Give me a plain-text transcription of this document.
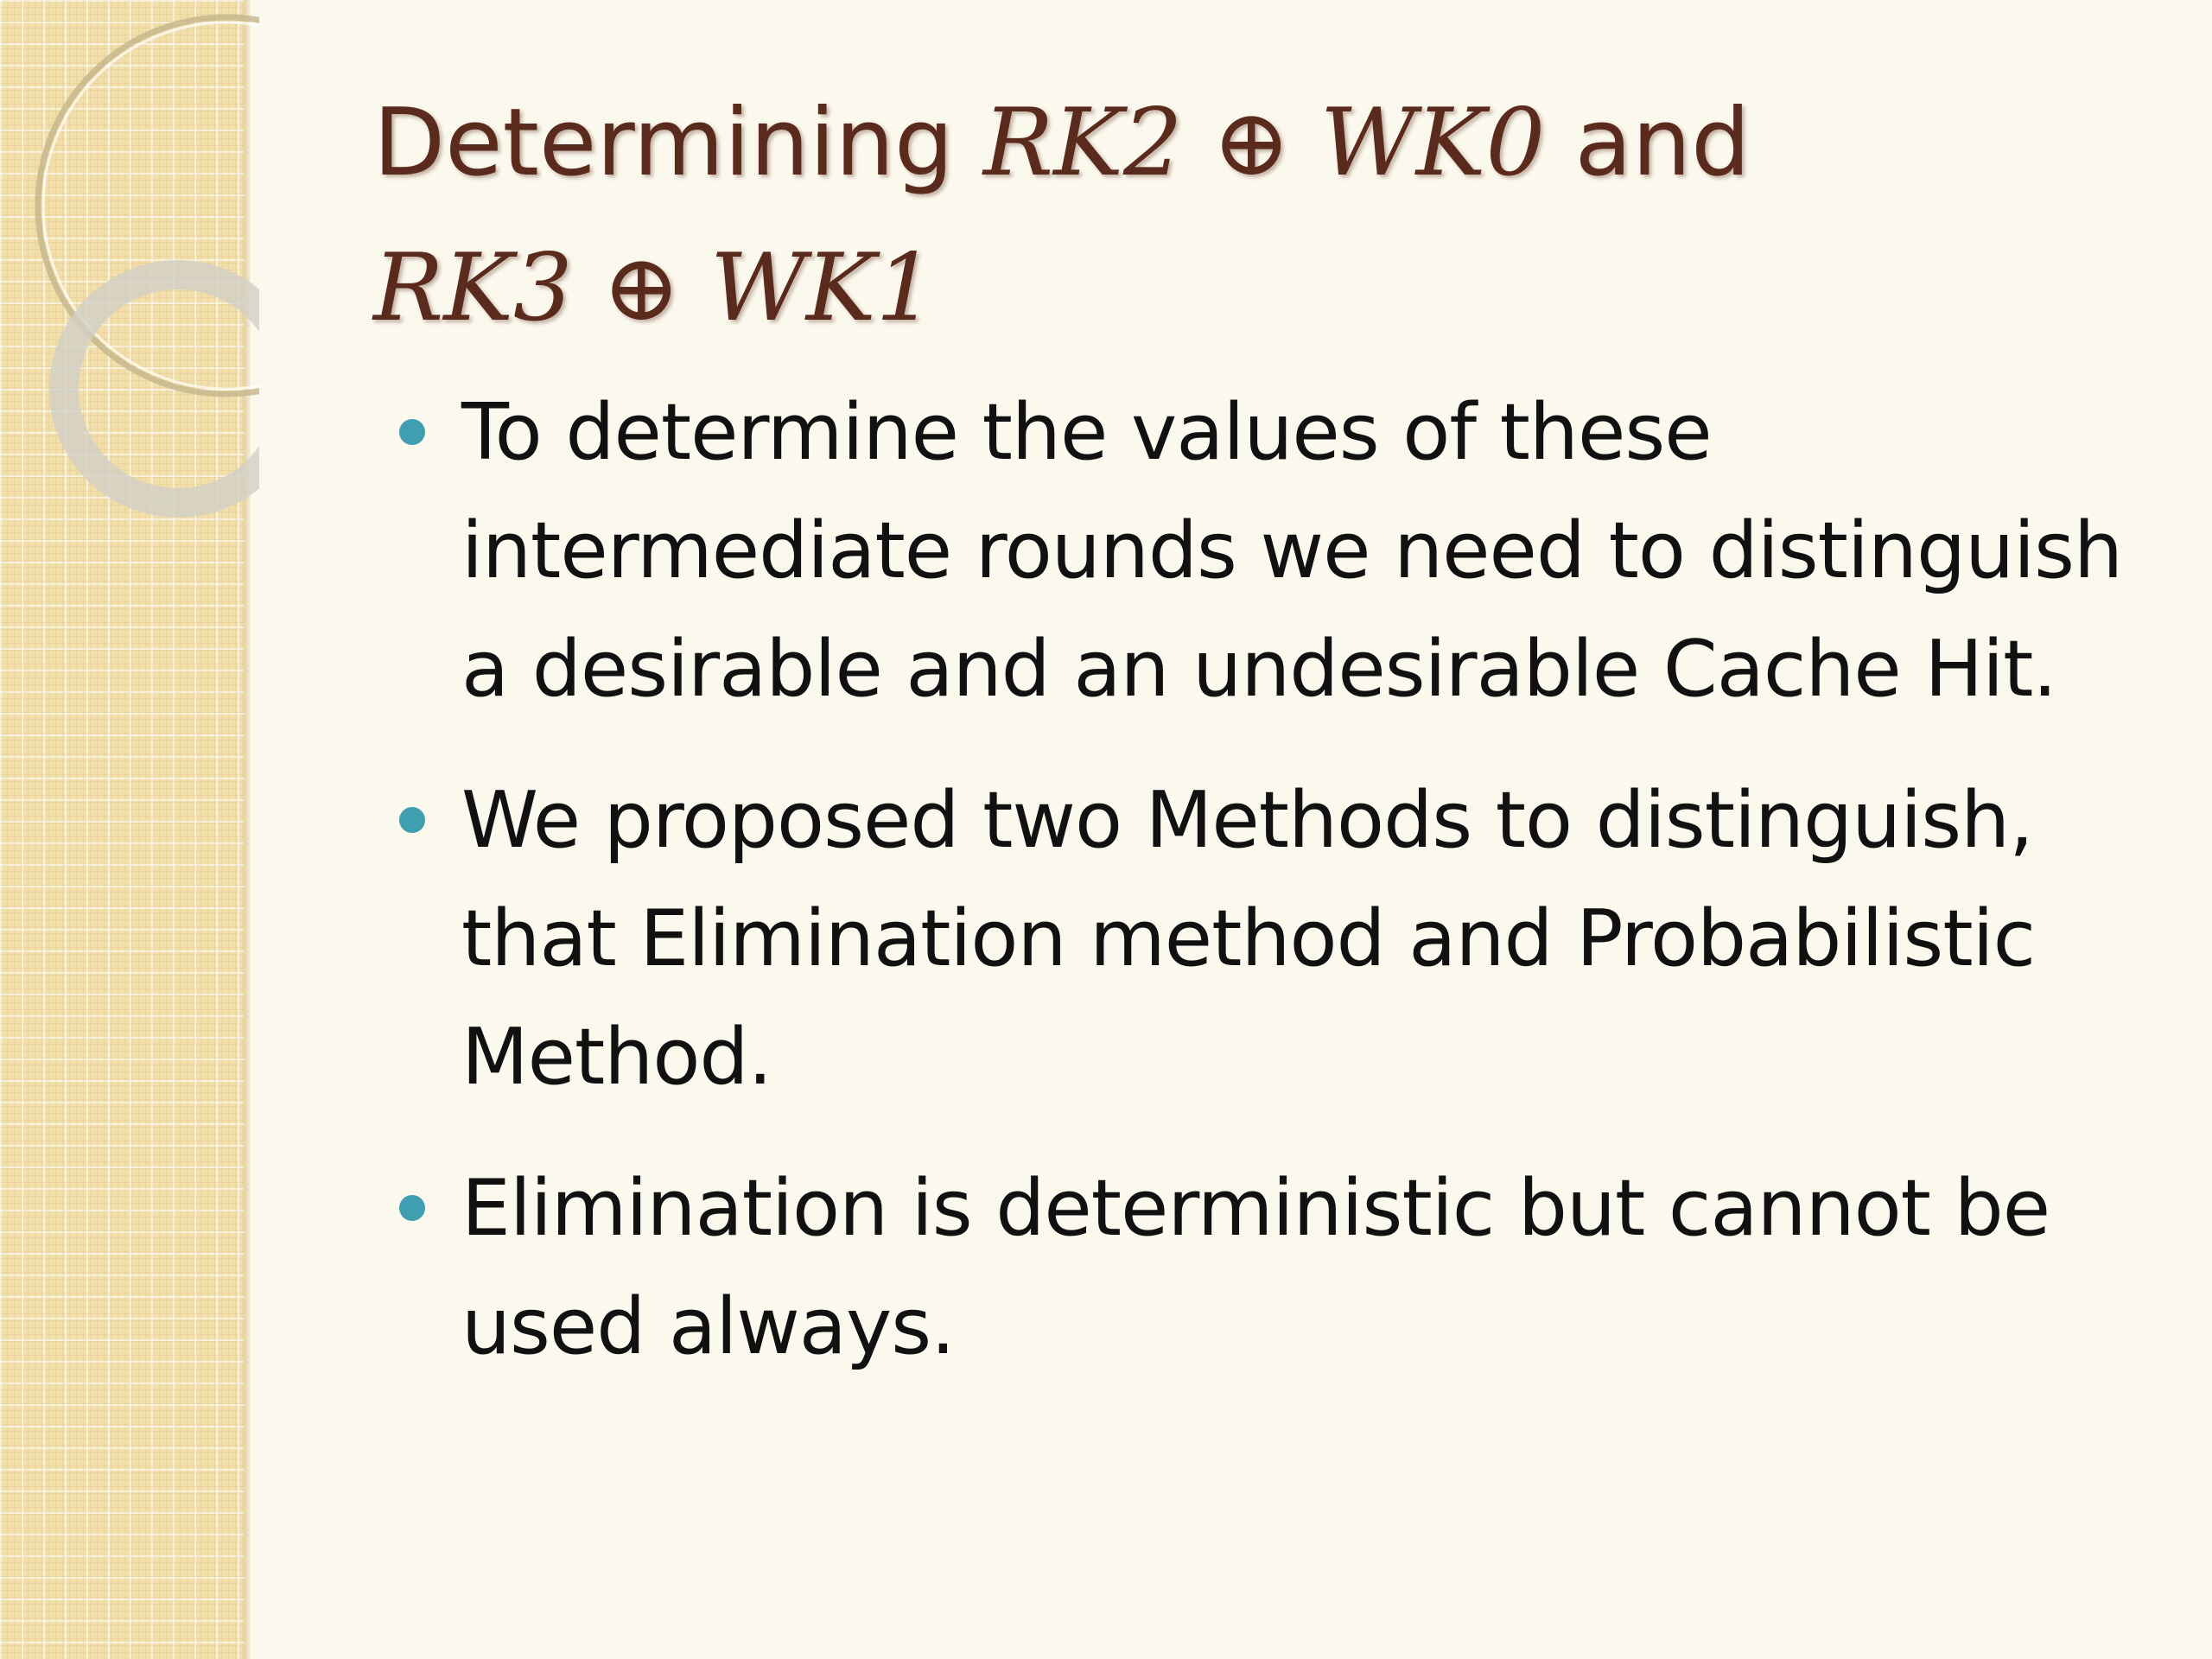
Determining RK2 ⊕ WK0 and
RK3 ⊕ WK1
To determine the values of these intermediate rounds we need to distinguish a desirable and an undesirable Cache Hit.
We proposed two Methods to distinguish, that Elimination method and Probabilistic Method.
Elimination is deterministic but cannot be used always.
